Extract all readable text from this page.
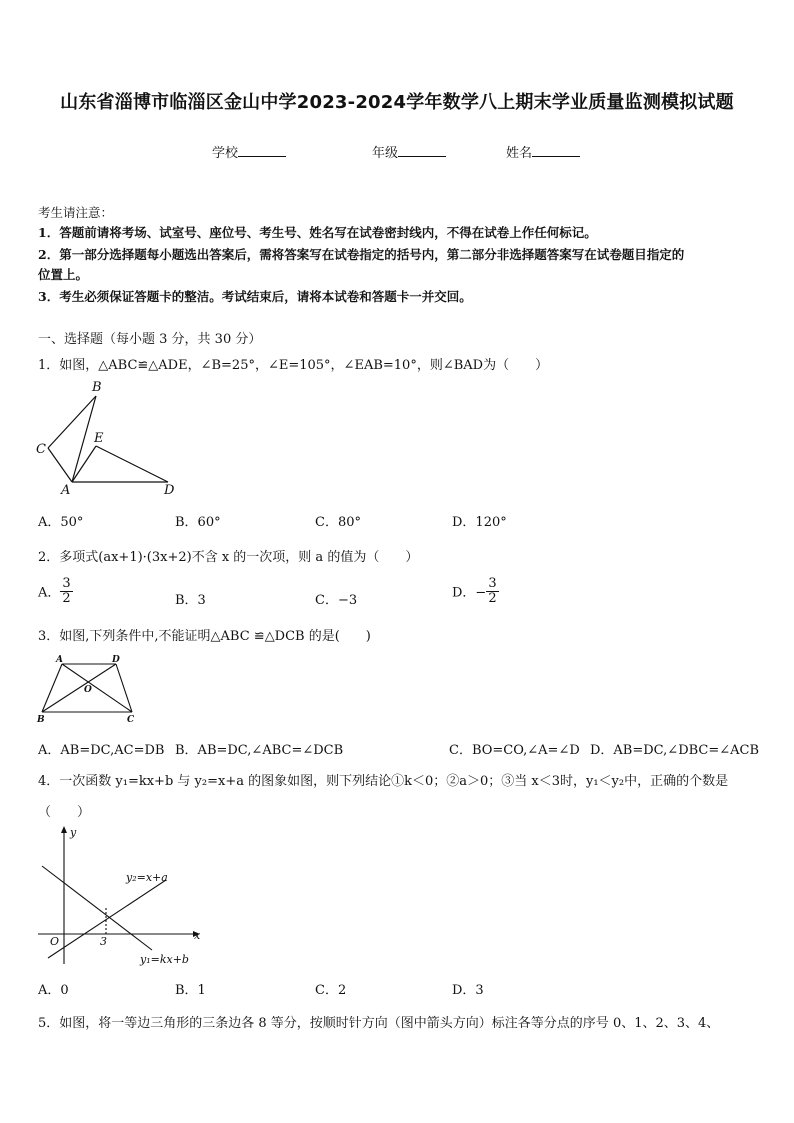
山东省淄博市临淄区金山中学2023-2024学年数学八上期末学业质量监测模拟试题
学校	年级	姓名
考生请注意：
1．答题前请将考场、试室号、座位号、考生号、姓名写在试卷密封线内，不得在试卷上作任何标记。
2．第一部分选择题每小题选出答案后，需将答案写在试卷指定的括号内，第二部分非选择题答案写在试卷题目指定的
位置上。
3．考生必须保证答题卡的整洁。考试结束后，请将本试卷和答题卡一并交回。
一、选择题（每小题 3 分，共 30 分）
1．如图，△ABC≌△ADE，∠B=25°，∠E=105°，∠EAB=10°，则∠BAD为（　　）
B
C
E
A	D
A．50°	B．60°	C．80°	D．120°
2．多项式(ax+1)·(3x+2)不含 x 的一次项，则 a 的值为（　　）
A． $\frac{3}{2}$	B．3	C．−3	D．− $\frac{3}{2}$
3．如图,下列条件中,不能证明△ABC ≌△DCB 的是(　　)
A	D
O
B	C
A．AB=DC,AC=DB B．AB=DC,∠ABC=∠DCB	C．BO=CO,∠A=∠D D．AB=DC,∠DBC=∠ACB
4．一次函数 y₁=kx+b 与 y₂=x+a 的图象如图，则下列结论①k＜0；②a＞0；③当 x＜3时，y₁＜y₂中，正确的个数是
（　　）
y
x
O	3
y₂=x+a
y₁=kx+b
A．0	B．1	C．2	D．3
5．如图，将一等边三角形的三条边各 8 等分，按顺时针方向（图中箭头方向）标注各等分点的序号 0、1、2、3、4、
